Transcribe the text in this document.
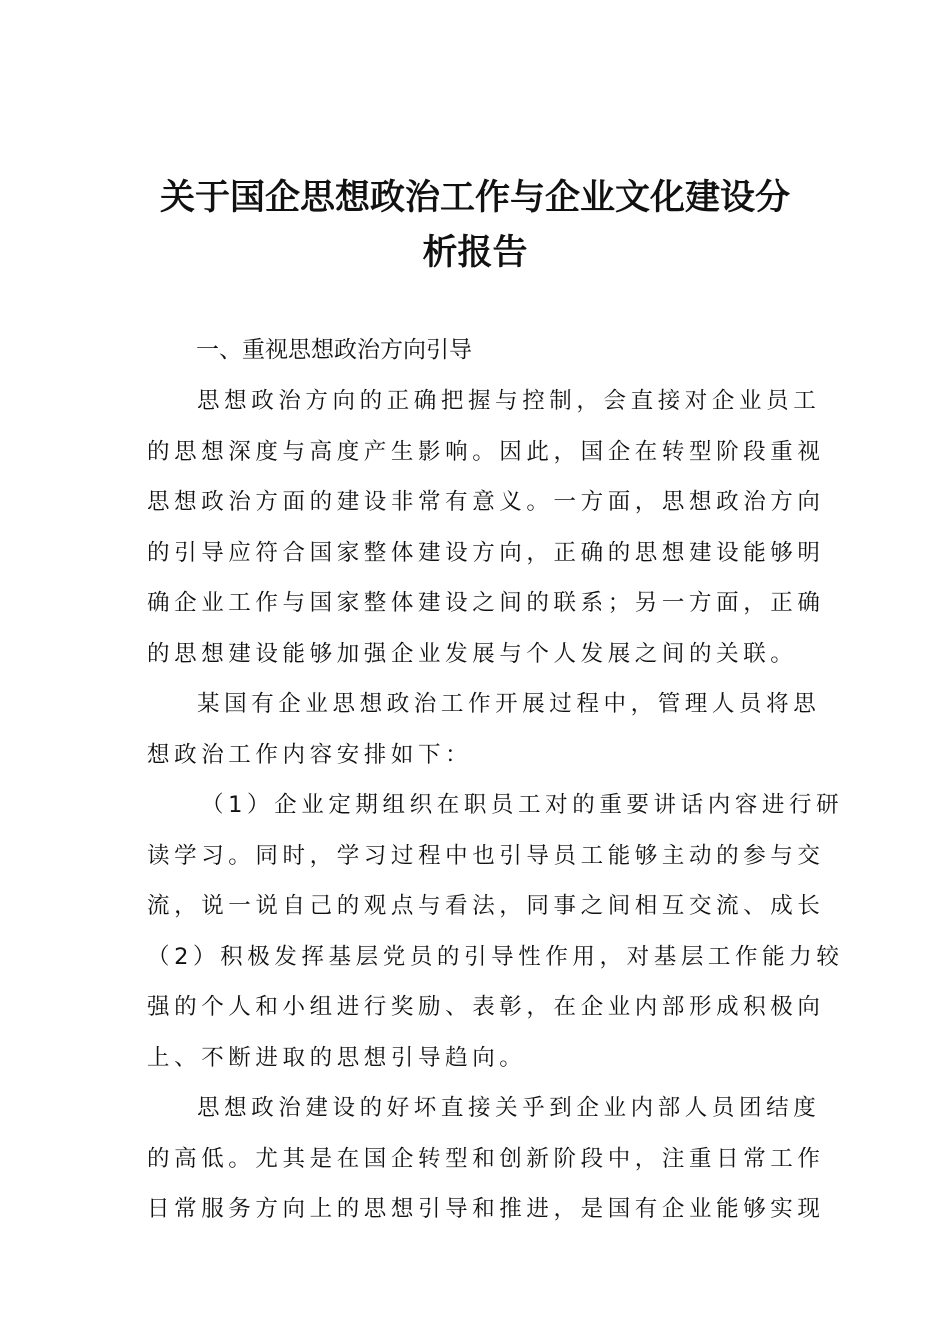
关于国企思想政治工作与企业文化建设分
析报告
一、重视思想政治方向引导
思想政治方向的正确把握与控制，会直接对企业员工
的思想深度与高度产生影响。因此，国企在转型阶段重视
思想政治方面的建设非常有意义。一方面，思想政治方向
的引导应符合国家整体建设方向，正确的思想建设能够明
确企业工作与国家整体建设之间的联系；另一方面，正确
的思想建设能够加强企业发展与个人发展之间的关联。
某国有企业思想政治工作开展过程中，管理人员将思
想政治工作内容安排如下：
（1）企业定期组织在职员工对的重要讲话内容进行研
读学习。同时，学习过程中也引导员工能够主动的参与交
流，说一说自己的观点与看法，同事之间相互交流、成长
（2）积极发挥基层党员的引导性作用，对基层工作能力较
强的个人和小组进行奖励、表彰，在企业内部形成积极向
上、不断进取的思想引导趋向。
思想政治建设的好坏直接关乎到企业内部人员团结度
的高低。尤其是在国企转型和创新阶段中，注重日常工作
日常服务方向上的思想引导和推进，是国有企业能够实现
